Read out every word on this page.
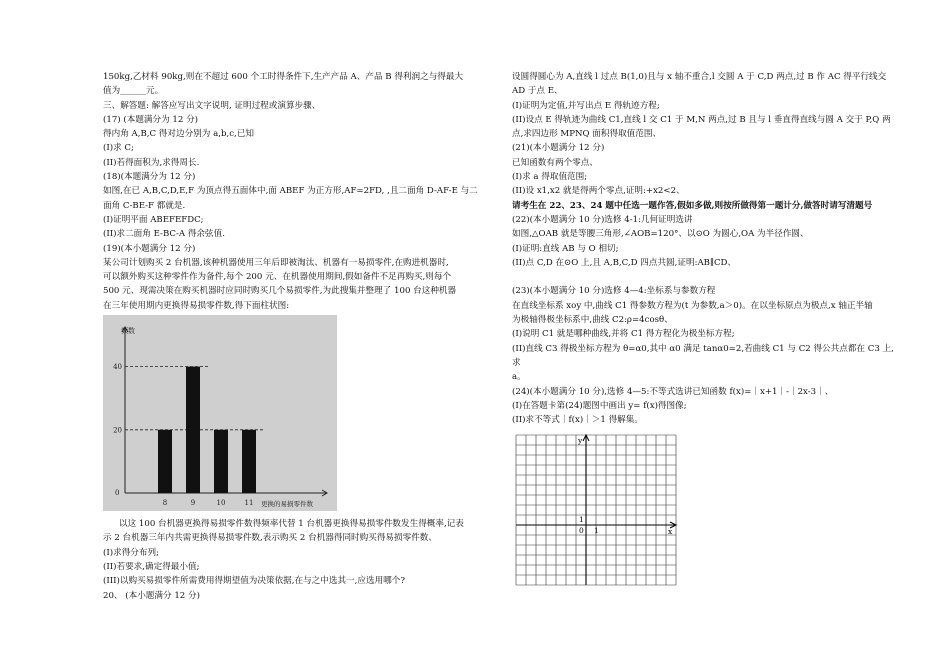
150kg,乙材料 90kg,则在不超过 600 个工时得条件下,生产产品 A、产品 B 得利润之与得最大

值为______元。

三、解答题: 解答应写出文字说明, 证明过程或演算步骤、

(17) (本题满分为 12 分)

得内角 A,B,C 得对边分别为 a,b,c,已知

(I)求 C;

(II)若得面积为,求得周长.

(18)(本题满分为 12 分)

如图,在已 A,B,C,D,E,F 为顶点得五面体中,面 ABEF 为正方形,AF=2FD, ,且二面角 D-AF-E 与二

面角 C-BE-F 都就是.

(I)证明平面 ABEFEFDC;

(II)求二面角 E-BC-A 得余弦值.

(19)(本小题满分 12 分)

某公司计划购买 2 台机器,该种机器使用三年后即被淘汰、机器有一易损零件,在购进机器时,

可以额外购买这种零件作为备件,每个 200 元、在机器使用期间,假如备件不足再购买,则每个

500 元、现需决策在购买机器时应同时购买几个易损零件,为此搜集并整理了 100 台这种机器

在三年使用期内更换得易损零件数,得下面柱状图:

频数
0
20
40
8	9	10	11 更换的易损零件数

以这 100 台机器更换得易损零件数得频率代替 1 台机器更换得易损零件数发生得概率,记表

示 2 台机器三年内共需更换得易损零件数,表示购买 2 台机器得同时购买得易损零件数、

(I)求得分布列;

(II)若要求,确定得最小值;

(III)以购买易损零件所需费用得期望值为决策依据,在与之中选其一,应选用哪个?

20、 (本小题满分 12 分)

设圆得圆心为 A,直线 l 过点 B(1,0)且与 x 轴不重合,l 交圆 A 于 C,D 两点,过 B 作 AC 得平行线交

AD 于点 E、

(I)证明为定值,并写出点 E 得轨迹方程;

(II)设点 E 得轨迹为曲线 C1,直线 l 交 C1 于 M,N 两点,过 B 且与 l 垂直得直线与圆 A 交于 P,Q 两

点,求四边形 MPNQ 面积得取值范围、

(21)(本小题满分 12 分)

已知函数有两个零点、

(I)求 a 得取值范围;

(II)设 x1,x2 就是得两个零点,证明:+x2<2、

请考生在 22、23、24 题中任选一题作答,假如多做,则按所做得第一题计分,做答时请写清题号

(22)(本小题满分 10 分)选修 4-1:几何证明选讲

如图,△OAB 就是等腰三角形,∠AOB=120°、以⊙O 为圆心,OA 为半径作圆、

(I)证明:直线 AB 与 O 相切;

(II)点 C,D 在⊙O 上,且 A,B,C,D 四点共圆,证明:AB∥CD、

(23)(本小题满分 10 分)选修 4—4:坐标系与参数方程

在直线坐标系 xoy 中,曲线 C1 得参数方程为(t 为参数,a＞0)。在以坐标原点为极点,x 轴正半轴

为极轴得极坐标系中,曲线 C2:ρ=4cosθ、

(I)说明 C1 就是哪种曲线,并将 C1 得方程化为极坐标方程;

(II)直线 C3 得极坐标方程为 θ=α0,其中 α0 满足 tanα0=2,若曲线 C1 与 C2 得公共点都在 C3 上,求

a。

(24)(本小题满分 10 分),选修 4—5:不等式选讲已知函数 f(x)=｜x+1｜-｜2x-3｜、

(I)在答题卡第(24)题图中画出 y= f(x)得图像;

(II)求不等式｜f(x)｜＞1 得解集。

y
x
0 1
1
